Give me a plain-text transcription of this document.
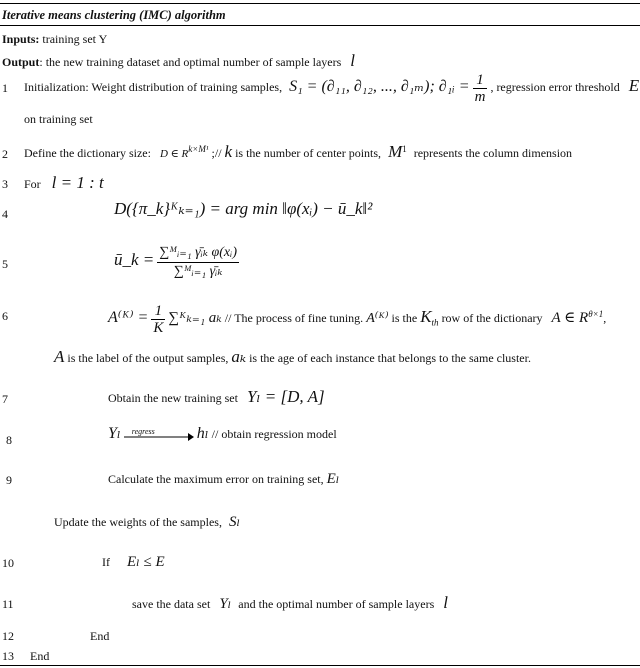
Iterative means clustering (IMC) algorithm
Inputs: training set Y
Output: the new training dataset and optimal number of sample layers l
1 Initialization: Weight distribution of training samples, S₁ = (∂₁₁, ∂₁₂, ..., ∂₁ₘ); ∂₁ᵢ = $\frac{1}{m}$ , regression error threshold E
on training set
2 Define the dictionary size: D ∈ $R^{k\times M^1}$ ;// k is the number of center points, $M^1$ represents the column dimension
3 For l = 1 : t
4	D({π_k}ᴷₖ₌₁) = arg min ‖φ(xᵢ) − ū_k‖²
5	ū_k = $\frac{\text{∑ᴹᵢ₌₁ γ̄ᵢₖ φ(xᵢ)}}{\text{∑ᴹᵢ₌₁ γ̄ᵢₖ}}$
6	A⁽ᴷ⁾ = $\frac{1}{K}$ ∑ᴷₖ₌₁ aₖ // The process of fine tuning. A⁽ᴷ⁾ is the $K_{th}$ row of the dictionary A ∈ $R^{\theta\times 1}$,
A is the label of the output samples, aₖ is the age of each instance that belongs to the same cluster.
7	Obtain the new training set Yₗ = [D, A]
8	Yₗ regress	hₗ // obtain regression model
9	Calculate the maximum error on training set, Eₗ
Update the weights of the samples, Sₗ
10	If Eₗ ≤ E
11	save the data set Yₗ and the optimal number of sample layers l
12	End
13 End
